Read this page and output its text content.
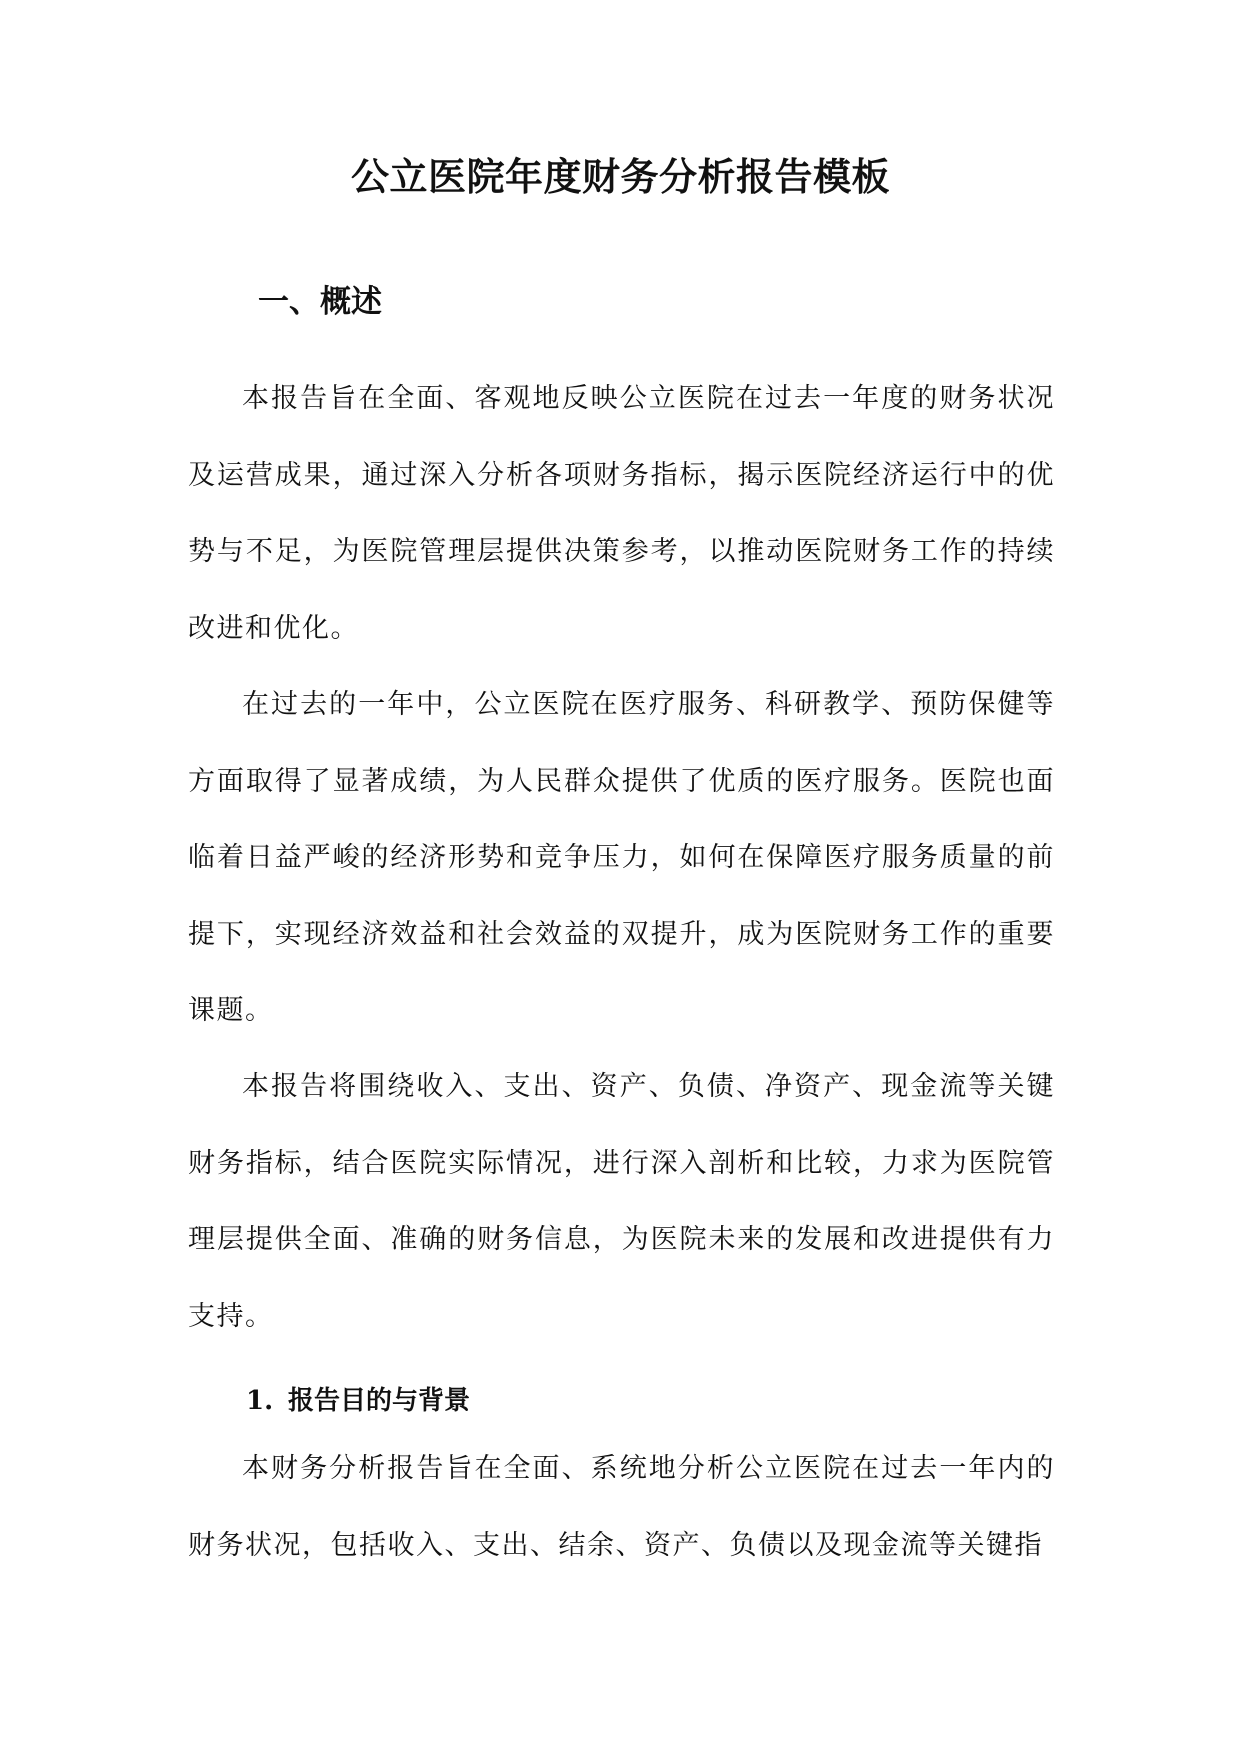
公立医院年度财务分析报告模板
一、概述

本报告旨在全面、客观地反映公立医院在过去一年度的财务状况及运营成果，通过深入分析各项财务指标，揭示医院经济运行中的优势与不足，为医院管理层提供决策参考，以推动医院财务工作的持续改进和优化。

在过去的一年中，公立医院在医疗服务、科研教学、预防保健等方面取得了显著成绩，为人民群众提供了优质的医疗服务。医院也面临着日益严峻的经济形势和竞争压力，如何在保障医疗服务质量的前提下，实现经济效益和社会效益的双提升，成为医院财务工作的重要课题。

本报告将围绕收入、支出、资产、负债、净资产、现金流等关键财务指标，结合医院实际情况，进行深入剖析和比较，力求为医院管理层提供全面、准确的财务信息，为医院未来的发展和改进提供有力支持。

1. 报告目的与背景

本财务分析报告旨在全面、系统地分析公立医院在过去一年内的财务状况，包括收入、支出、结余、资产、负债以及现金流等关键指
